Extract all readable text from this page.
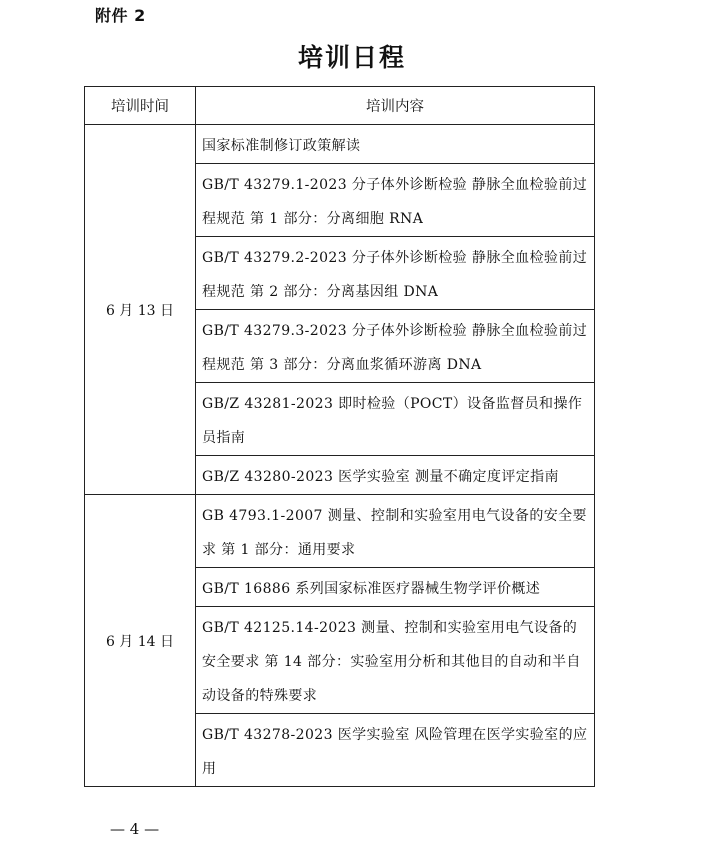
附件 2
培训日程
培训时间	培训内容
6 月 13 日	国家标准制修订政策解读
	GB/T 43279.1-2023 分子体外诊断检验 静脉全血检验前过程规范 第 1 部分：分离细胞 RNA
	GB/T 43279.2-2023 分子体外诊断检验 静脉全血检验前过程规范 第 2 部分：分离基因组 DNA
	GB/T 43279.3-2023 分子体外诊断检验 静脉全血检验前过程规范 第 3 部分：分离血浆循环游离 DNA
	GB/Z 43281-2023 即时检验（POCT）设备监督员和操作员指南
	GB/Z 43280-2023 医学实验室 测量不确定度评定指南
6 月 14 日	GB 4793.1-2007 测量、控制和实验室用电气设备的安全要求 第 1 部分：通用要求
	GB/T 16886 系列国家标准医疗器械生物学评价概述
	GB/T 42125.14-2023 测量、控制和实验室用电气设备的安全要求 第 14 部分：实验室用分析和其他目的自动和半自动设备的特殊要求
	GB/T 43278-2023 医学实验室 风险管理在医学实验室的应用
— 4 —
